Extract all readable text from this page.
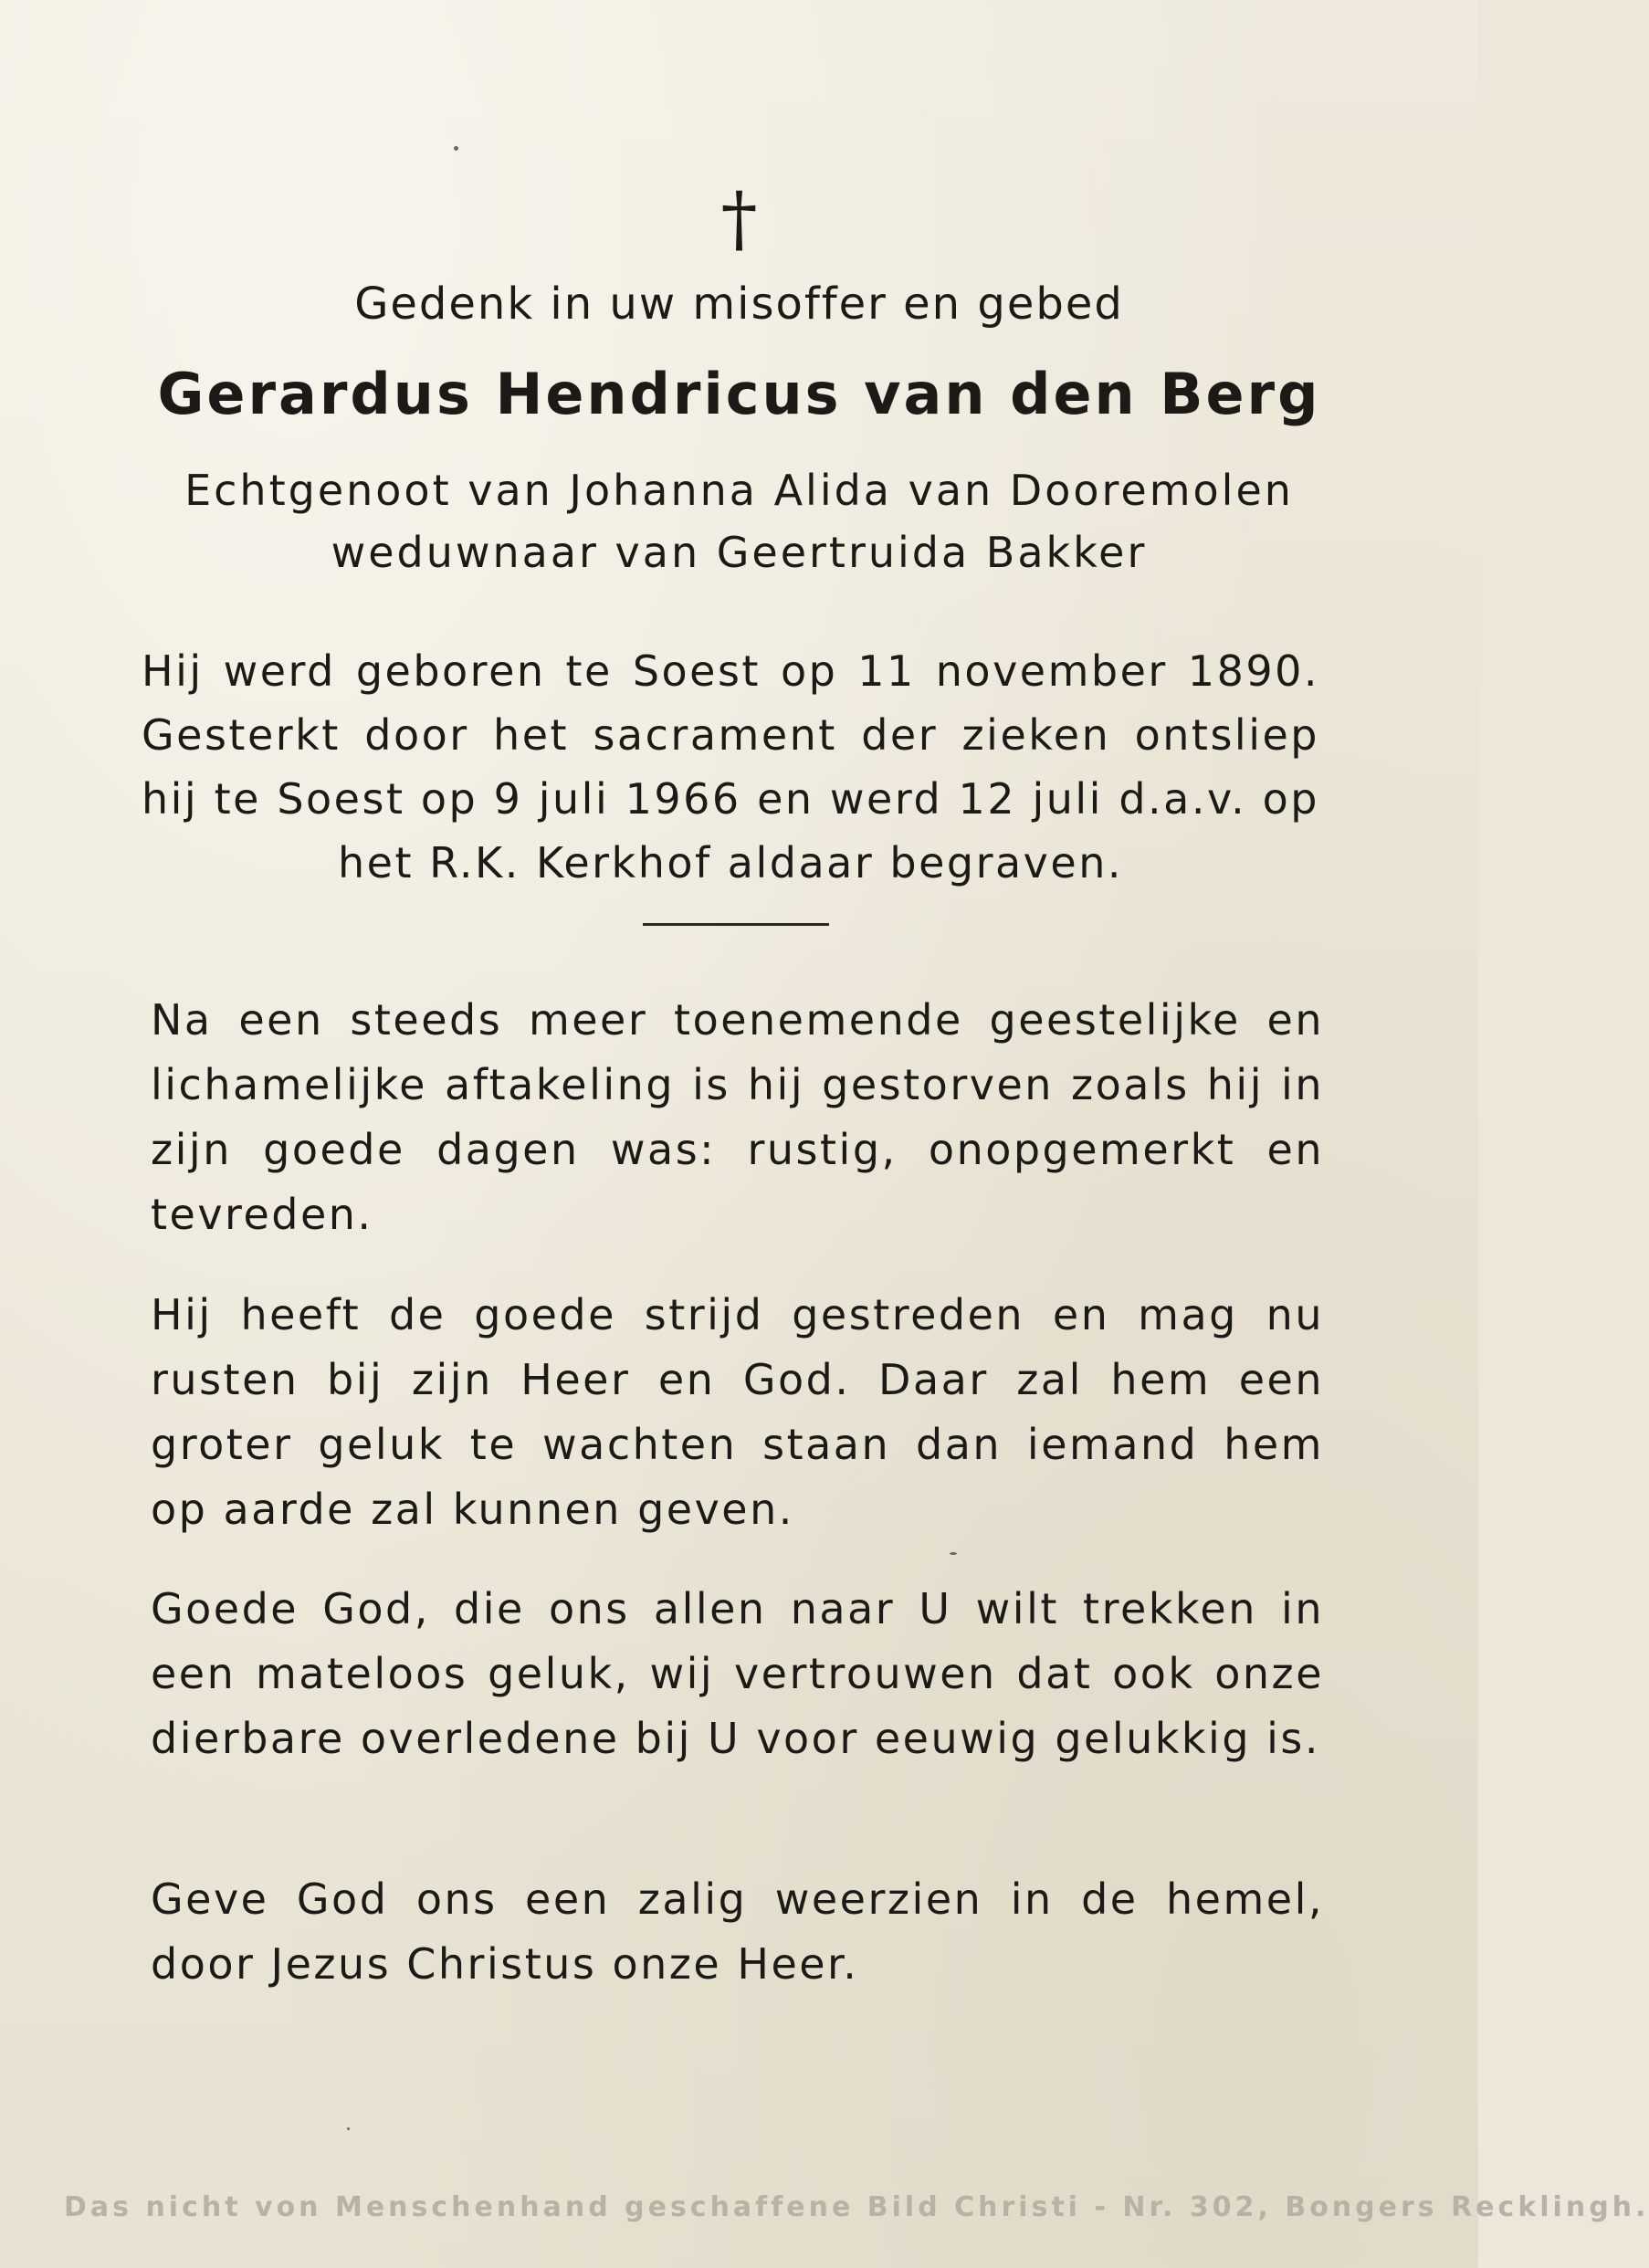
†
Gedenk in uw misoffer en gebed
Gerardus Hendricus van den Berg
Echtgenoot van Johanna Alida van Dooremolen
weduwnaar van Geertruida Bakker
Hij werd geboren te Soest op 11 november 1890. Gesterkt door het sacrament der zieken ontsliep hij te Soest op 9 juli 1966 en werd 12 juli d.a.v. op het R.K. Kerkhof aldaar begraven.
Na een steeds meer toenemende geestelijke en lichamelijke aftakeling is hij gestorven zoals hij in zijn goede dagen was: rustig, onopgemerkt en tevreden.
Hij heeft de goede strijd gestreden en mag nu rusten bij zijn Heer en God. Daar zal hem een groter geluk te wachten staan dan iemand hem op aarde zal kunnen geven.
Goede God, die ons allen naar U wilt trekken in een mateloos geluk, wij vertrouwen dat ook onze dierbare overledene bij U voor eeuwig gelukkig is.
Geve God ons een zalig weerzien in de hemel, door Jezus Christus onze Heer.
Das nicht von Menschenhand geschaffene Bild Christi - Nr. 302, Bongers Recklingh.
